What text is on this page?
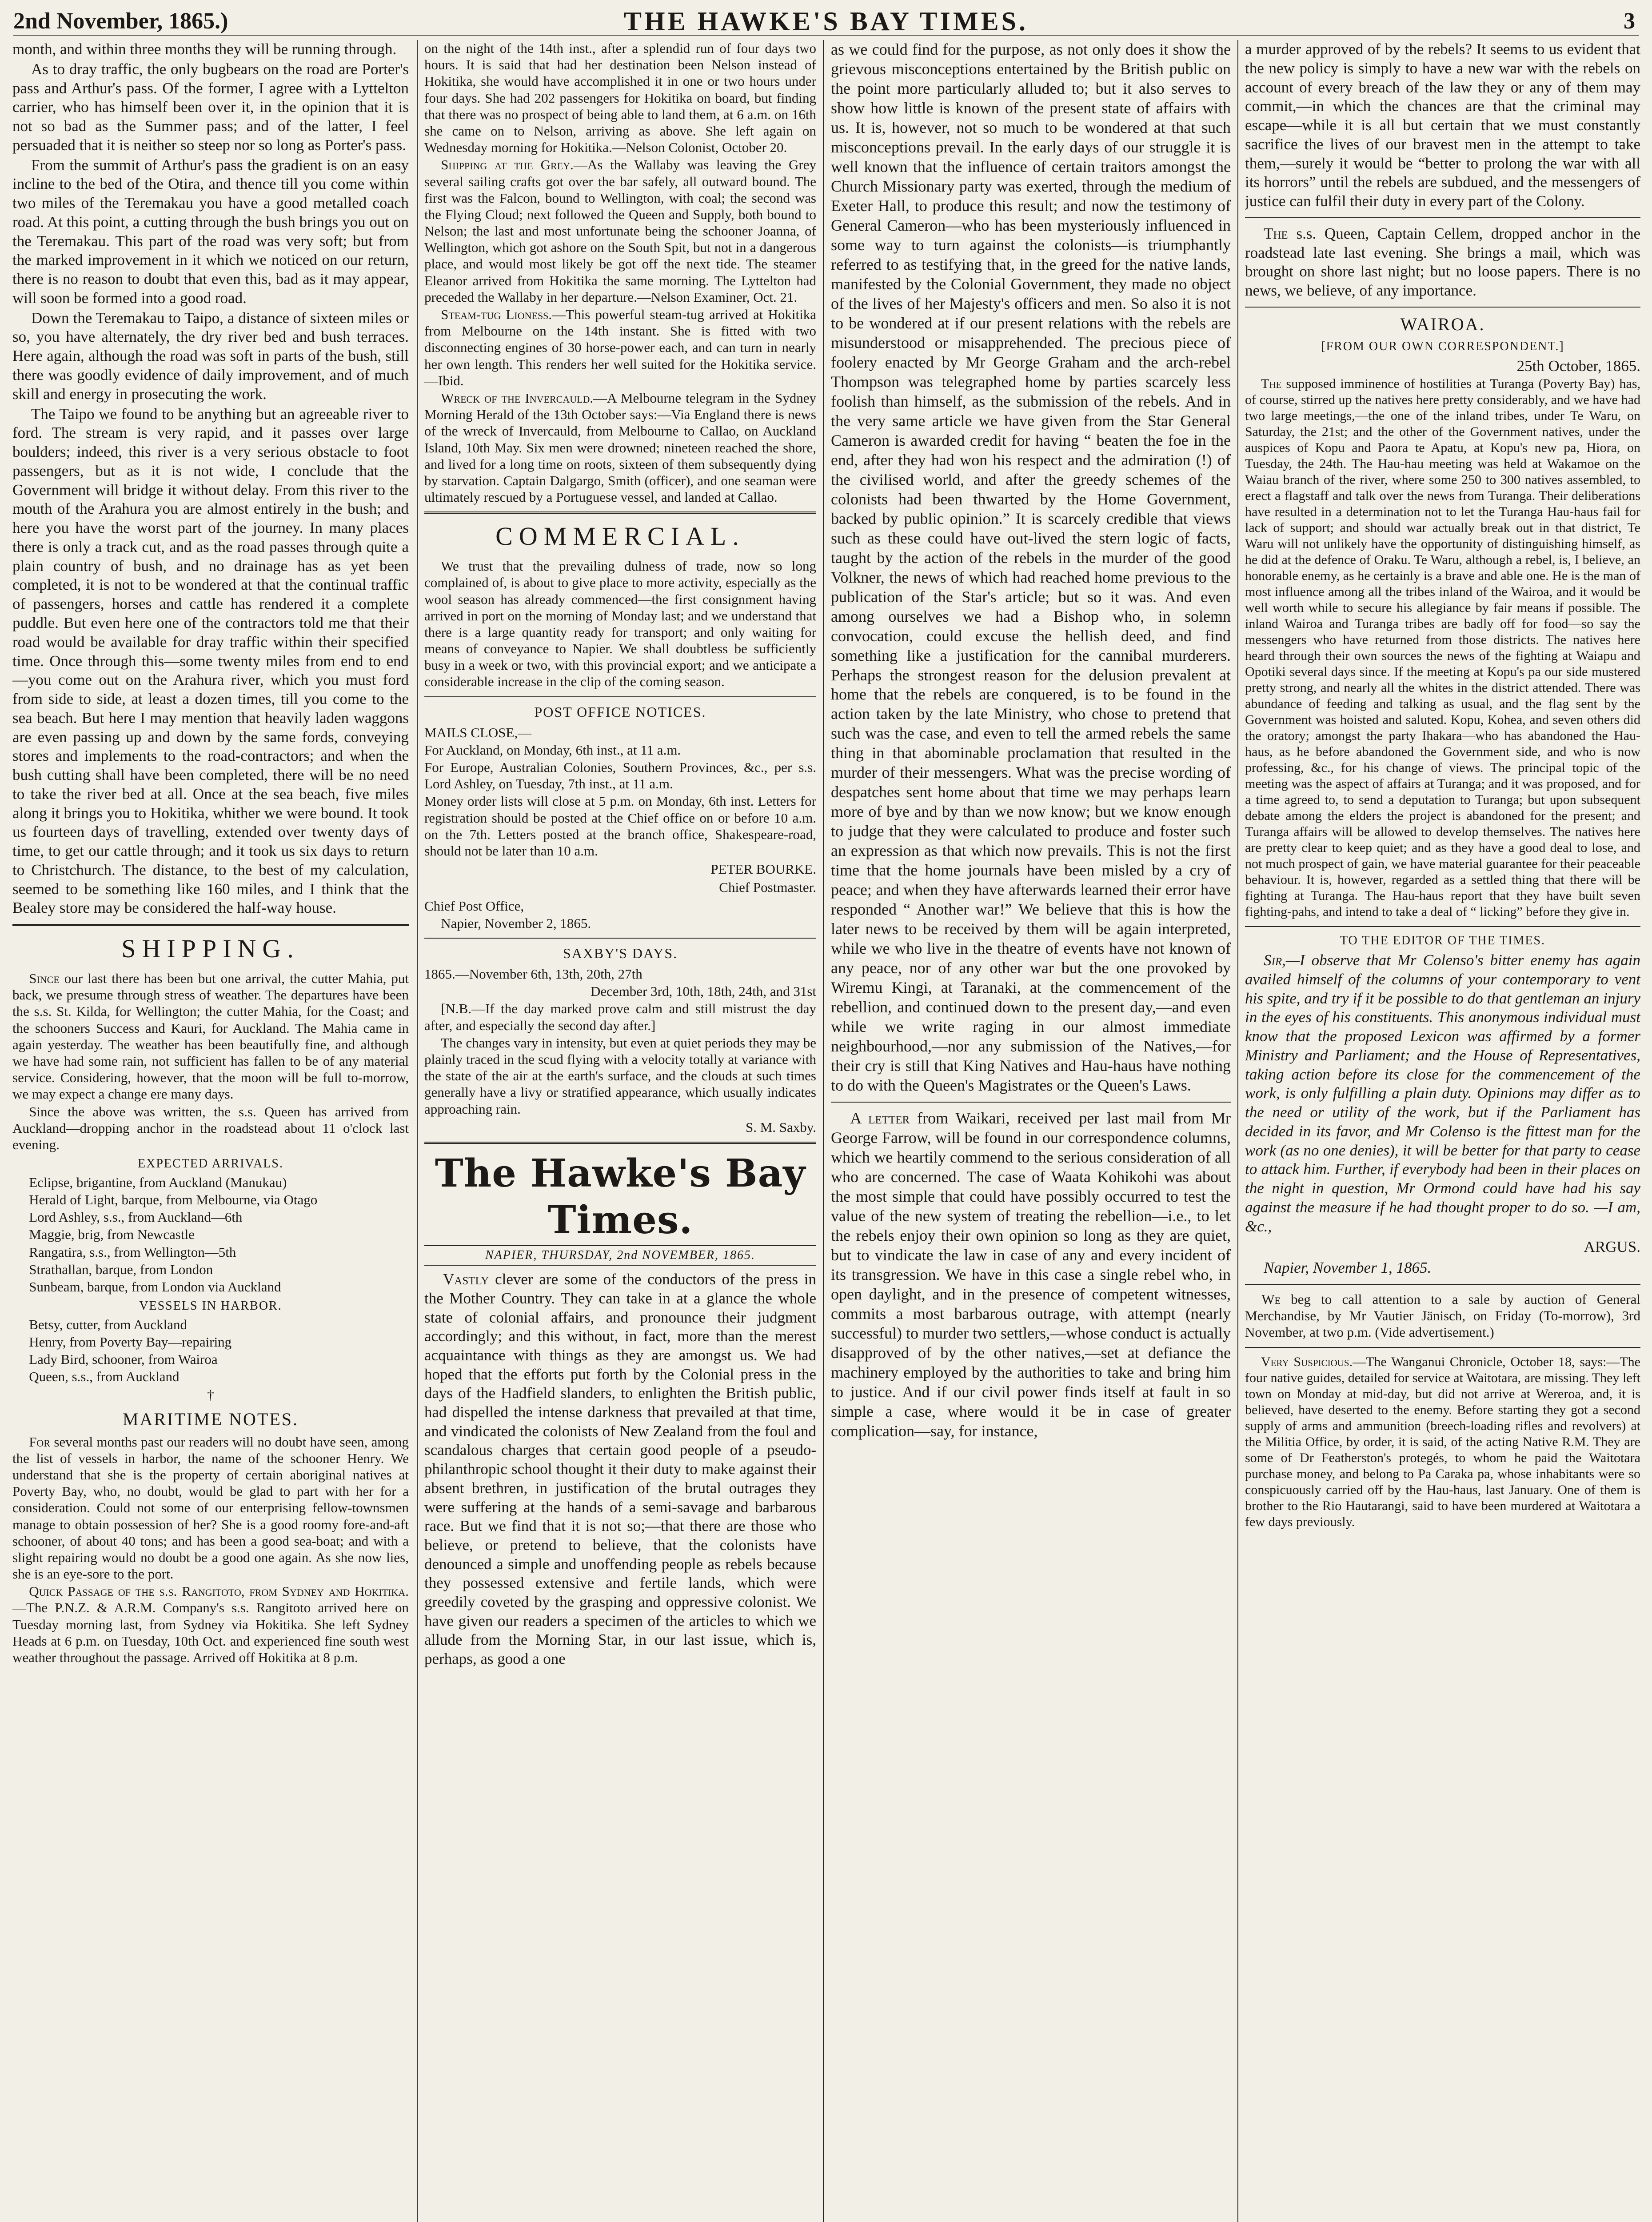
2nd November, 1865.)	THE HAWKE'S BAY TIMES.	3

month, and within three months they will be running through.

As to dray traffic, the only bugbears on the road are Porter's pass and Arthur's pass. Of the former, I agree with a Lyttelton carrier, who has himself been over it, in the opinion that it is not so bad as the Summer pass; and of the latter, I feel persuaded that it is neither so steep nor so long as Porter's pass.

From the summit of Arthur's pass the gradient is on an easy incline to the bed of the Otira, and thence till you come within two miles of the Teremakau you have a good metalled coach road. At this point, a cutting through the bush brings you out on the Teremakau. This part of the road was very soft; but from the marked improvement in it which we noticed on our return, there is no reason to doubt that even this, bad as it may appear, will soon be formed into a good road.

Down the Teremakau to Taipo, a distance of sixteen miles or so, you have alternately, the dry river bed and bush terraces. Here again, although the road was soft in parts of the bush, still there was goodly evidence of daily improvement, and of much skill and energy in prosecuting the work.

The Taipo we found to be anything but an agreeable river to ford. The stream is very rapid, and it passes over large boulders; indeed, this river is a very serious obstacle to foot passengers, but as it is not wide, I conclude that the Government will bridge it without delay. From this river to the mouth of the Arahura you are almost entirely in the bush; and here you have the worst part of the journey. In many places there is only a track cut, and as the road passes through quite a plain country of bush, and no drainage has as yet been completed, it is not to be wondered at that the continual traffic of passengers, horses and cattle has rendered it a complete puddle. But even here one of the contractors told me that their road would be available for dray traffic within their specified time. Once through this—some twenty miles from end to end—you come out on the Arahura river, which you must ford from side to side, at least a dozen times, till you come to the sea beach. But here I may mention that heavily laden waggons are even passing up and down by the same fords, conveying stores and implements to the road-contractors; and when the bush cutting shall have been completed, there will be no need to take the river bed at all. Once at the sea beach, five miles along it brings you to Hokitika, whither we were bound. It took us fourteen days of travelling, extended over twenty days of time, to get our cattle through; and it took us six days to return to Christchurch. The distance, to the best of my calculation, seemed to be something like 160 miles, and I think that the Bealey store may be considered the half-way house.

SHIPPING.

Since our last there has been but one arrival, the cutter Mahia, put back, we presume through stress of weather. The departures have been the s.s. St. Kilda, for Wellington; the cutter Mahia, for the Coast; and the schooners Success and Kauri, for Auckland. The Mahia came in again yesterday. The weather has been beautifully fine, and although we have had some rain, not sufficient has fallen to be of any material service. Considering, however, that the moon will be full to-morrow, we may expect a change ere many days.

Since the above was written, the s.s. Queen has arrived from Auckland—dropping anchor in the roadstead about 11 o'clock last evening.

EXPECTED ARRIVALS.

Eclipse, brigantine, from Auckland (Manukau)

Herald of Light, barque, from Melbourne, via Otago

Lord Ashley, s.s., from Auckland—6th

Maggie, brig, from Newcastle

Rangatira, s.s., from Wellington—5th

Strathallan, barque, from London

Sunbeam, barque, from London via Auckland

VESSELS IN HARBOR.

Betsy, cutter, from Auckland

Henry, from Poverty Bay—repairing

Lady Bird, schooner, from Wairoa

Queen, s.s., from Auckland

†
MARITIME NOTES.

For several months past our readers will no doubt have seen, among the list of vessels in harbor, the name of the schooner Henry. We understand that she is the property of certain aboriginal natives at Poverty Bay, who, no doubt, would be glad to part with her for a consideration. Could not some of our enterprising fellow-townsmen manage to obtain possession of her? She is a good roomy fore-and-aft schooner, of about 40 tons; and has been a good sea-boat; and with a slight repairing would no doubt be a good one again. As she now lies, she is an eye-sore to the port.

Quick Passage of the s.s. Rangitoto, from Sydney and Hokitika.—The P.N.Z. & A.R.M. Company's s.s. Rangitoto arrived here on Tuesday morning last, from Sydney via Hokitika. She left Sydney Heads at 6 p.m. on Tuesday, 10th Oct. and experienced fine south west weather throughout the passage. Arrived off Hokitika at 8 p.m.

on the night of the 14th inst., after a splendid run of four days two hours. It is said that had her destination been Nelson instead of Hokitika, she would have accomplished it in one or two hours under four days. She had 202 passengers for Hokitika on board, but finding that there was no prospect of being able to land them, at 6 a.m. on 16th she came on to Nelson, arriving as above. She left again on Wednesday morning for Hokitika.—Nelson Colonist, October 20.

Shipping at the Grey.—As the Wallaby was leaving the Grey several sailing crafts got over the bar safely, all outward bound. The first was the Falcon, bound to Wellington, with coal; the second was the Flying Cloud; next followed the Queen and Supply, both bound to Nelson; the last and most unfortunate being the schooner Joanna, of Wellington, which got ashore on the South Spit, but not in a dangerous place, and would most likely be got off the next tide. The steamer Eleanor arrived from Hokitika the same morning. The Lyttelton had preceded the Wallaby in her departure.—Nelson Examiner, Oct. 21.

Steam-tug Lioness.—This powerful steam-tug arrived at Hokitika from Melbourne on the 14th instant. She is fitted with two disconnecting engines of 30 horse-power each, and can turn in nearly her own length. This renders her well suited for the Hokitika service.—Ibid.

Wreck of the Invercauld.—A Melbourne telegram in the Sydney Morning Herald of the 13th October says:—Via England there is news of the wreck of Invercauld, from Melbourne to Callao, on Auckland Island, 10th May. Six men were drowned; nineteen reached the shore, and lived for a long time on roots, sixteen of them subsequently dying by starvation. Captain Dalgargo, Smith (officer), and one seaman were ultimately rescued by a Portuguese vessel, and landed at Callao.

COMMERCIAL.

We trust that the prevailing dulness of trade, now so long complained of, is about to give place to more activity, especially as the wool season has already commenced—the first consignment having arrived in port on the morning of Monday last; and we understand that there is a large quantity ready for transport; and only waiting for means of conveyance to Napier. We shall doubtless be sufficiently busy in a week or two, with this provincial export; and we anticipate a considerable increase in the clip of the coming season.

POST OFFICE NOTICES.

MAILS CLOSE,—

For Auckland, on Monday, 6th inst., at 11 a.m.

For Europe, Australian Colonies, Southern Provinces, &c., per s.s. Lord Ashley, on Tuesday, 7th inst., at 11 a.m.

Money order lists will close at 5 p.m. on Monday, 6th inst. Letters for registration should be posted at the Chief office on or before 10 a.m. on the 7th. Letters posted at the branch office, Shakespeare-road, should not be later than 10 a.m.

PETER BOURKE.
Chief Postmaster.

Chief Post Office,

Napier, November 2, 1865.

SAXBY'S DAYS.

1865.—November 6th, 13th, 20th, 27th

December 3rd, 10th, 18th, 24th, and 31st

[N.B.—If the day marked prove calm and still mistrust the day after, and especially the second day after.]

The changes vary in intensity, but even at quiet periods they may be plainly traced in the scud flying with a velocity totally at variance with the state of the air at the earth's surface, and the clouds at such times generally have a livy or stratified appearance, which usually indicates approaching rain.

S. M. Saxby.
The Hawke's Bay Times.
NAPIER, THURSDAY, 2nd NOVEMBER, 1865.

Vastly clever are some of the conductors of the press in the Mother Country. They can take in at a glance the whole state of colonial affairs, and pronounce their judgment accordingly; and this without, in fact, more than the merest acquaintance with things as they are amongst us. We had hoped that the efforts put forth by the Colonial press in the days of the Hadfield slanders, to enlighten the British public, had dispelled the intense darkness that prevailed at that time, and vindicated the colonists of New Zealand from the foul and scandalous charges that certain good people of a pseudo-philanthropic school thought it their duty to make against their absent brethren, in justification of the brutal outrages they were suffering at the hands of a semi-savage and barbarous race. But we find that it is not so;—that there are those who believe, or pretend to believe, that the colonists have denounced a simple and unoffending people as rebels because they possessed extensive and fertile lands, which were greedily coveted by the grasping and oppressive colonist. We have given our readers a specimen of the articles to which we allude from the Morning Star, in our last issue, which is, perhaps, as good a one

as we could find for the purpose, as not only does it show the grievous misconceptions entertained by the British public on the point more particularly alluded to; but it also serves to show how little is known of the present state of affairs with us. It is, however, not so much to be wondered at that such misconceptions prevail. In the early days of our struggle it is well known that the influence of certain traitors amongst the Church Missionary party was exerted, through the medium of Exeter Hall, to produce this result; and now the testimony of General Cameron—who has been mysteriously influenced in some way to turn against the colonists—is triumphantly referred to as testifying that, in the greed for the native lands, manifested by the Colonial Government, they made no object of the lives of her Majesty's officers and men. So also it is not to be wondered at if our present relations with the rebels are misunderstood or misapprehended. The precious piece of foolery enacted by Mr George Graham and the arch-rebel Thompson was telegraphed home by parties scarcely less foolish than himself, as the submission of the rebels. And in the very same article we have given from the Star General Cameron is awarded credit for having “ beaten the foe in the end, after they had won his respect and the admiration (!) of the civilised world, and after the greedy schemes of the colonists had been thwarted by the Home Government, backed by public opinion.” It is scarcely credible that views such as these could have out-lived the stern logic of facts, taught by the action of the rebels in the murder of the good Volkner, the news of which had reached home previous to the publication of the Star's article; but so it was. And even among ourselves we had a Bishop who, in solemn convocation, could excuse the hellish deed, and find something like a justification for the cannibal murderers. Perhaps the strongest reason for the delusion prevalent at home that the rebels are conquered, is to be found in the action taken by the late Ministry, who chose to pretend that such was the case, and even to tell the armed rebels the same thing in that abominable proclamation that resulted in the murder of their messengers. What was the precise wording of despatches sent home about that time we may perhaps learn more of bye and by than we now know; but we know enough to judge that they were calculated to produce and foster such an expression as that which now prevails. This is not the first time that the home journals have been misled by a cry of peace; and when they have afterwards learned their error have responded “ Another war!” We believe that this is how the later news to be received by them will be again interpreted, while we who live in the theatre of events have not known of any peace, nor of any other war but the one provoked by Wiremu Kingi, at Taranaki, at the commencement of the rebellion, and continued down to the present day,—and even while we write raging in our almost immediate neighbourhood,—nor any submission of the Natives,—for their cry is still that King Natives and Hau-haus have nothing to do with the Queen's Magistrates or the Queen's Laws.

A letter from Waikari, received per last mail from Mr George Farrow, will be found in our correspondence columns, which we heartily commend to the serious consideration of all who are concerned. The case of Waata Kohikohi was about the most simple that could have possibly occurred to test the value of the new system of treating the rebellion—i.e., to let the rebels enjoy their own opinion so long as they are quiet, but to vindicate the law in case of any and every incident of its transgression. We have in this case a single rebel who, in open daylight, and in the presence of competent witnesses, commits a most barbarous outrage, with attempt (nearly successful) to murder two settlers,—whose conduct is actually disapproved of by the other natives,—set at defiance the machinery employed by the authorities to take and bring him to justice. And if our civil power finds itself at fault in so simple a case, where would it be in case of greater complication—say, for instance,

a murder approved of by the rebels? It seems to us evident that the new policy is simply to have a new war with the rebels on account of every breach of the law they or any of them may commit,—in which the chances are that the criminal may escape—while it is all but certain that we must constantly sacrifice the lives of our bravest men in the attempt to take them,—surely it would be “better to prolong the war with all its horrors” until the rebels are subdued, and the messengers of justice can fulfil their duty in every part of the Colony.

The s.s. Queen, Captain Cellem, dropped anchor in the roadstead late last evening. She brings a mail, which was brought on shore last night; but no loose papers. There is no news, we believe, of any importance.

WAIROA.
[FROM OUR OWN CORRESPONDENT.]
25th October, 1865.

The supposed imminence of hostilities at Turanga (Poverty Bay) has, of course, stirred up the natives here pretty considerably, and we have had two large meetings,—the one of the inland tribes, under Te Waru, on Saturday, the 21st; and the other of the Government natives, under the auspices of Kopu and Paora te Apatu, at Kopu's new pa, Hiora, on Tuesday, the 24th. The Hau-hau meeting was held at Wakamoe on the Waiau branch of the river, where some 250 to 300 natives assembled, to erect a flagstaff and talk over the news from Turanga. Their deliberations have resulted in a determination not to let the Turanga Hau-haus fail for lack of support; and should war actually break out in that district, Te Waru will not unlikely have the opportunity of distinguishing himself, as he did at the defence of Oraku. Te Waru, although a rebel, is, I believe, an honorable enemy, as he certainly is a brave and able one. He is the man of most influence among all the tribes inland of the Wairoa, and it would be well worth while to secure his allegiance by fair means if possible. The inland Wairoa and Turanga tribes are badly off for food—so say the messengers who have returned from those districts. The natives here heard through their own sources the news of the fighting at Waiapu and Opotiki several days since. If the meeting at Kopu's pa our side mustered pretty strong, and nearly all the whites in the district attended. There was abundance of feeding and talking as usual, and the flag sent by the Government was hoisted and saluted. Kopu, Kohea, and seven others did the oratory; amongst the party Ihakara—who has abandoned the Hau-haus, as he before abandoned the Government side, and who is now professing, &c., for his change of views. The principal topic of the meeting was the aspect of affairs at Turanga; and it was proposed, and for a time agreed to, to send a deputation to Turanga; but upon subsequent debate among the elders the project is abandoned for the present; and Turanga affairs will be allowed to develop themselves. The natives here are pretty clear to keep quiet; and as they have a good deal to lose, and not much prospect of gain, we have material guarantee for their peaceable behaviour. It is, however, regarded as a settled thing that there will be fighting at Turanga. The Hau-haus report that they have built seven fighting-pahs, and intend to take a deal of “ licking” before they give in.

TO THE EDITOR OF THE TIMES.

Sir,—I observe that Mr Colenso's bitter enemy has again availed himself of the columns of your contemporary to vent his spite, and try if it be possible to do that gentleman an injury in the eyes of his constituents. This anonymous individual must know that the proposed Lexicon was affirmed by a former Ministry and Parliament; and the House of Representatives, taking action before its close for the commencement of the work, is only fulfilling a plain duty. Opinions may differ as to the need or utility of the work, but if the Parliament has decided in its favor, and Mr Colenso is the fittest man for the work (as no one denies), it will be better for that party to cease to attack him. Further, if everybody had been in their places on the night in question, Mr Ormond could have had his say against the measure if he had thought proper to do so. —I am, &c.,

ARGUS.

Napier, November 1, 1865.

We beg to call attention to a sale by auction of General Merchandise, by Mr Vautier Jänisch, on Friday (To-morrow), 3rd November, at two p.m. (Vide advertisement.)

Very Suspicious.—The Wanganui Chronicle, October 18, says:—The four native guides, detailed for service at Waitotara, are missing. They left town on Monday at mid-day, but did not arrive at Wereroa, and, it is believed, have deserted to the enemy. Before starting they got a second supply of arms and ammunition (breech-loading rifles and revolvers) at the Militia Office, by order, it is said, of the acting Native R.M. They are some of Dr Featherston's protegés, to whom he paid the Waitotara purchase money, and belong to Pa Caraka pa, whose inhabitants were so conspicuously carried off by the Hau-haus, last January. One of them is brother to the Rio Hautarangi, said to have been murdered at Waitotara a few days previously.
